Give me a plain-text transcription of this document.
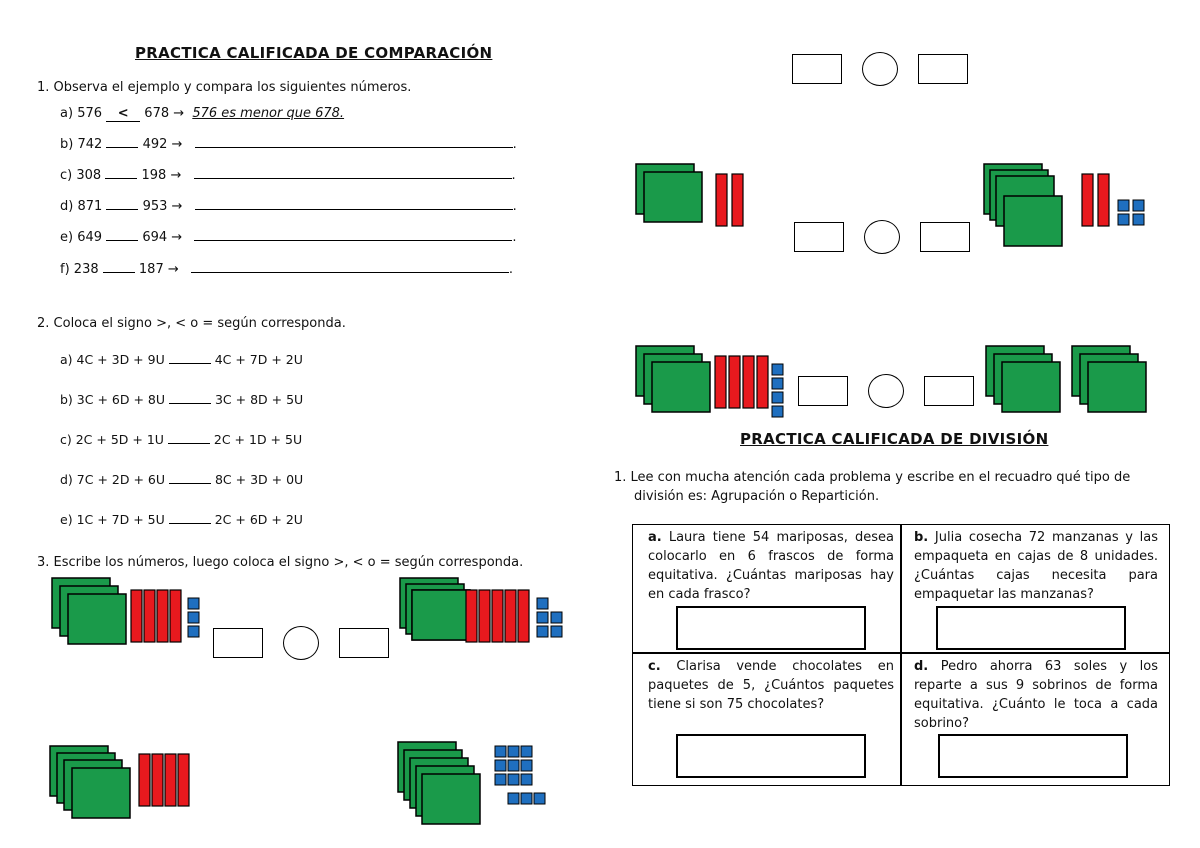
PRACTICA CALIFICADA DE COMPARACIÓN
1. Observa el ejemplo y compara los siguientes números.
a) 576 < 678 → 576 es menor que 678.
b) 742	492 →	.
c) 308	198 →	.
d) 871	953 →	.
e) 649	694 →	.
f) 238	187 →	.
2. Coloca el signo >, < o = según corresponda.
a) 4C + 3D + 9U	4C + 7D + 2U
b) 3C + 6D + 8U	3C + 8D + 5U
c) 2C + 5D + 1U	2C + 1D + 5U
d) 7C + 2D + 6U	8C + 3D + 0U
e) 1C + 7D + 5U	2C + 6D + 2U
3. Escribe los números, luego coloca el signo >, < o = según corresponda.
PRACTICA CALIFICADA DE DIVISIÓN
1. Lee con mucha atención cada problema y escribe en el recuadro qué tipo de
división es: Agrupación o Repartición.
a. Laura tiene 54 mariposas, desea colocarlo en 6 frascos de forma equitativa. ¿Cuántas mariposas hay en cada frasco?
b. Julia cosecha 72 manzanas y las empaqueta en cajas de 8 unidades. ¿Cuántas cajas necesita para empaquetar las manzanas?
c. Clarisa vende chocolates en paquetes de 5, ¿Cuántos paquetes tiene si son 75 chocolates?
d. Pedro ahorra 63 soles y los reparte a sus 9 sobrinos de forma equitativa. ¿Cuánto le toca a cada sobrino?
